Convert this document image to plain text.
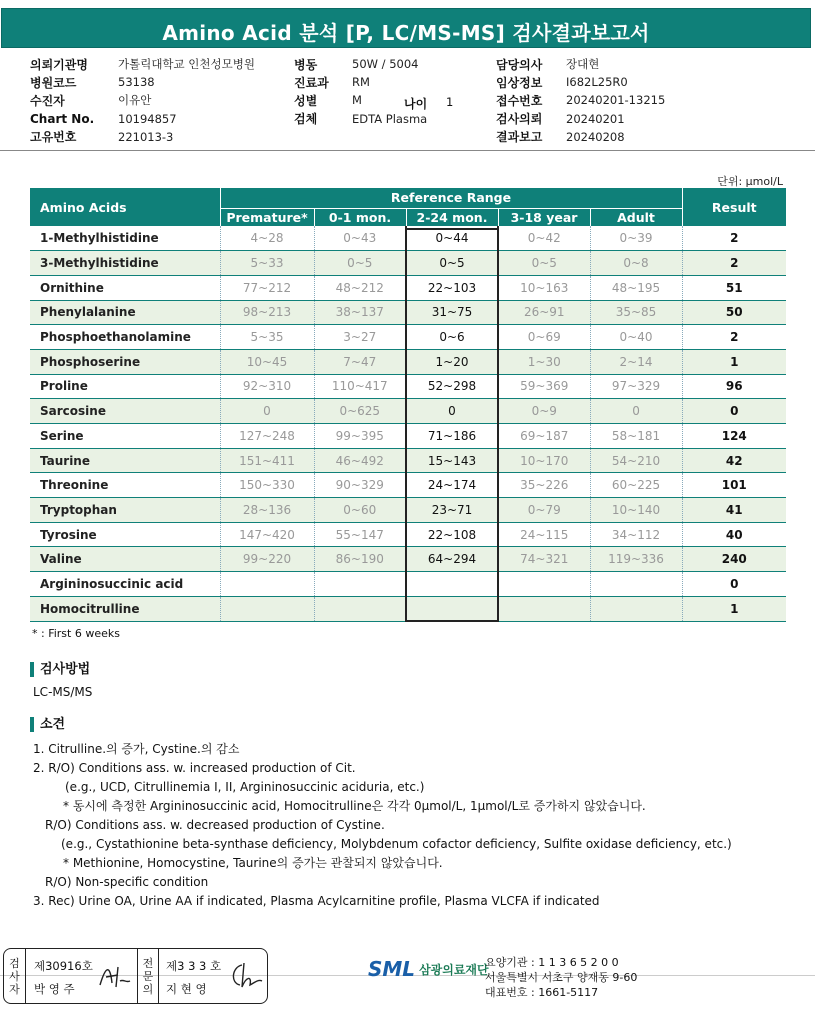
Amino Acid 분석 [P, LC/MS-MS] 검사결과보고서
의뢰기관명	가톨릭대학교 인천성모병원
병원코드	53138
수진자	이유안
Chart No.	10194857
고유번호	221013-3
병동	50W / 5004
진료과	RM
성별	M
검체	EDTA Plasma
나이 1
담당의사	장대현
임상정보	I682L25R0
접수번호	20240201-13215
검사의뢰	20240201
결과보고	20240208
단위: μmol/L
Amino Acids	Reference Range					Result
	Premature*	0-1 mon.	2-24 mon.	3-18 year	Adult	
1-Methylhistidine	4~28	0~43	0~44	0~42	0~39	2
3-Methylhistidine	5~33	0~5	0~5	0~5	0~8	2
Ornithine	77~212	48~212	22~103	10~163	48~195	51
Phenylalanine	98~213	38~137	31~75	26~91	35~85	50
Phosphoethanolamine	5~35	3~27	0~6	0~69	0~40	2
Phosphoserine	10~45	7~47	1~20	1~30	2~14	1
Proline	92~310	110~417	52~298	59~369	97~329	96
Sarcosine	0	0~625	0	0~9	0	0
Serine	127~248	99~395	71~186	69~187	58~181	124
Taurine	151~411	46~492	15~143	10~170	54~210	42
Threonine	150~330	90~329	24~174	35~226	60~225	101
Tryptophan	28~136	0~60	23~71	0~79	10~140	41
Tyrosine	147~420	55~147	22~108	24~115	34~112	40
Valine	99~220	86~190	64~294	74~321	119~336	240
Argininosuccinic acid						0
Homocitrulline						1
* : First 6 weeks
검사방법
LC-MS/MS
소견
1. Citrulline.의 증가, Cystine.의 감소
2. R/O) Conditions ass. w. increased production of Cit.
(e.g., UCD, Citrullinemia I, II, Argininosuccinic aciduria, etc.)
* 동시에 측정한 Argininosuccinic acid, Homocitrulline은 각각 0μmol/L, 1μmol/L로 증가하지 않았습니다.
R/O) Conditions ass. w. decreased production of Cystine.
(e.g., Cystathionine beta-synthase deficiency, Molybdenum cofactor deficiency, Sulfite oxidase deficiency, etc.)
* Methionine, Homocystine, Taurine의 증가는 관찰되지 않았습니다.
R/O) Non-specific condition
3. Rec) Urine OA, Urine AA if indicated, Plasma Acylcarnitine profile, Plasma VLCFA if indicated
검
사
자
제30916호
박 영 주
전
문
의
제3 3 3 호
지 현 영
SML 삼광의료재단
요양기관 : 1 1 3 6 5 2 0 0
서울특별시 서초구 양재동 9-60
대표번호 : 1661-5117
